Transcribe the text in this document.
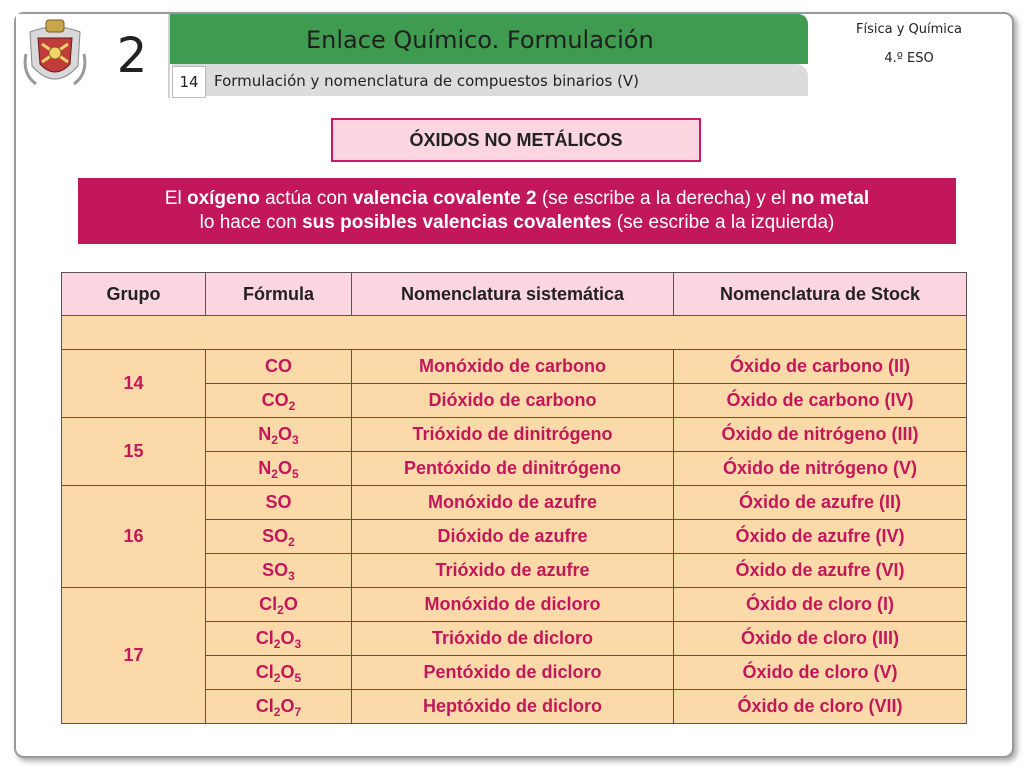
2	Enlace Químico. Formulación
14	Formulación y nomenclatura de compuestos binarios (V)
Física y Química
4.º ESO
ÓXIDOS NO METÁLICOS
El oxígeno actúa con valencia covalente 2 (se escribe a la derecha) y el no metal
lo hace con sus posibles valencias covalentes (se escribe a la izquierda)
Grupo	Fórmula	Nomenclatura sistemática	Nomenclatura de Stock

14	CO	Monóxido de carbono	Óxido de carbono (II)
	$CO_2$	Dióxido de carbono	Óxido de carbono (IV)
15	$N_2O_3$	Trióxido de dinitrógeno	Óxido de nitrógeno (III)
	$N_2O_5$	Pentóxido de dinitrógeno	Óxido de nitrógeno (V)
16	SO	Monóxido de azufre	Óxido de azufre (II)
	$SO_2$	Dióxido de azufre	Óxido de azufre (IV)
	$SO_3$	Trióxido de azufre	Óxido de azufre (VI)
17	$Cl_2O$	Monóxido de dicloro	Óxido de cloro (I)
	$Cl_2O_3$	Trióxido de dicloro	Óxido de cloro (III)
	$Cl_2O_5$	Pentóxido de dicloro	Óxido de cloro (V)
	$Cl_2O_7$	Heptóxido de dicloro	Óxido de cloro (VII)
